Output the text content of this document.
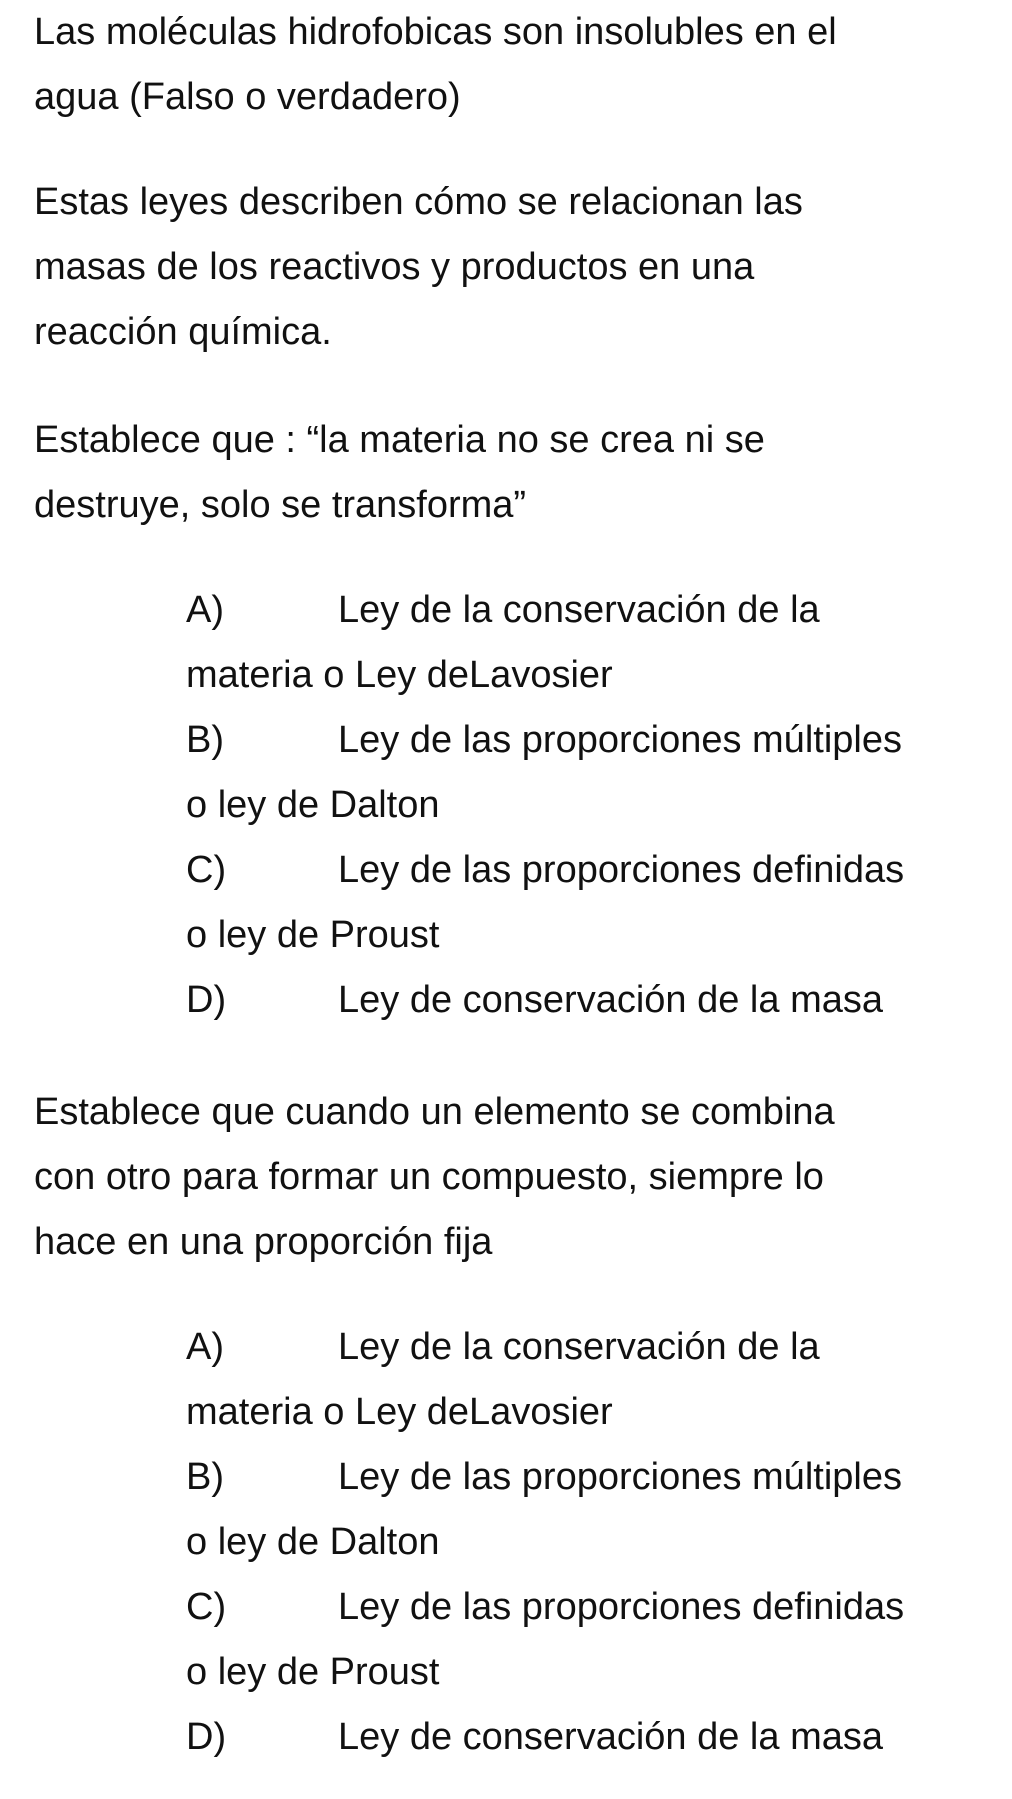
Las moléculas hidrofobicas son insolubles en el

agua (Falso o verdadero)

Estas leyes describen cómo se relacionan las

masas de los reactivos y productos en una

reacción química.

Establece que : “la materia no se crea ni se

destruye, solo se transforma”

A)	Ley de la conservación de la
materia o Ley deLavosier
B)	Ley de las proporciones múltiples
o ley de Dalton
C)	Ley de las proporciones definidas
o ley de Proust
D)	Ley de conservación de la masa

Establece que cuando un elemento se combina

con otro para formar un compuesto, siempre lo

hace en una proporción fija

A)	Ley de la conservación de la
materia o Ley deLavosier
B)	Ley de las proporciones múltiples
o ley de Dalton
C)	Ley de las proporciones definidas
o ley de Proust
D)	Ley de conservación de la masa
